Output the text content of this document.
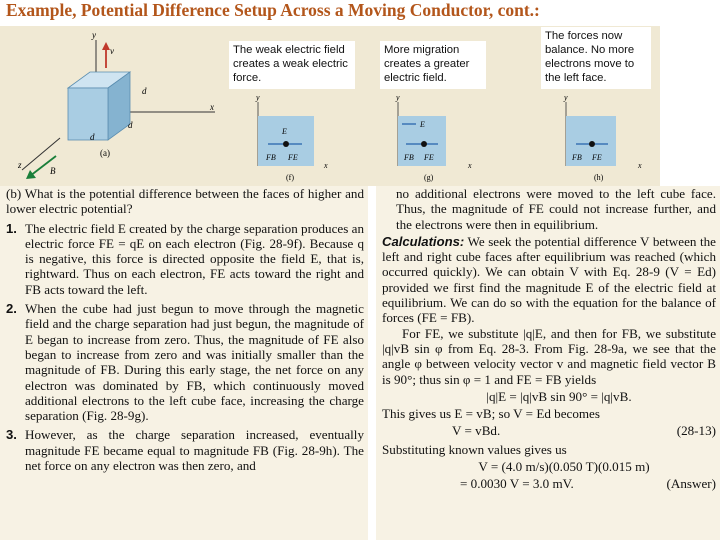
Example, Potential Difference Setup Across a Moving Conductor, cont.:
y
x
z
v
d
d
d
B
(a)
The weak electric field creates a weak electric force.
y
E
FB FE
x
(f)
More migration creates a greater electric field.
y
E
FB FE
x
(g)
The forces now balance. No more electrons move to the left face.
y
FB FE
x
(h)

(b) What is the potential difference between the faces of higher and lower electric potential?

1. The electric field E created by the charge separation produces an electric force FE = qE on each electron (Fig. 28-9f). Because q is negative, this force is directed opposite the field E, that is, rightward. Thus on each electron, FE acts toward the right and FB acts toward the left.
2. When the cube had just begun to move through the magnetic field and the charge separation had just begun, the magnitude of E began to increase from zero. Thus, the magnitude of FE also began to increase from zero and was initially smaller than the magnitude of FB. During this early stage, the net force on any electron was dominated by FB, which continuously moved additional electrons to the left cube face, increasing the charge separation (Fig. 28-9g).
3. However, as the charge separation increased, eventually magnitude FE became equal to magnitude FB (Fig. 28-9h). The net force on any electron was then zero, and

no additional electrons were moved to the left cube face. Thus, the magnitude of FE could not increase further, and the electrons were then in equilibrium.

Calculations: We seek the potential difference V between the left and right cube faces after equilibrium was reached (which occurred quickly). We can obtain V with Eq. 28-9 (V = Ed) provided we first find the magnitude E of the electric field at equilibrium. We can do so with the equation for the balance of forces (FE = FB).

For FE, we substitute |q|E, and then for FB, we substitute |q|vB sin φ from Eq. 28-3. From Fig. 28-9a, we see that the angle φ between velocity vector v and magnetic field vector B is 90°; thus sin φ = 1 and FE = FB yields

|q|E = |q|vB sin 90° = |q|vB.

This gives us E = vB; so V = Ed becomes

V = vBd.	(28-13)

Substituting known values gives us

V = (4.0 m/s)(0.050 T)(0.015 m)

= 0.0030 V = 3.0 mV.	(Answer)
